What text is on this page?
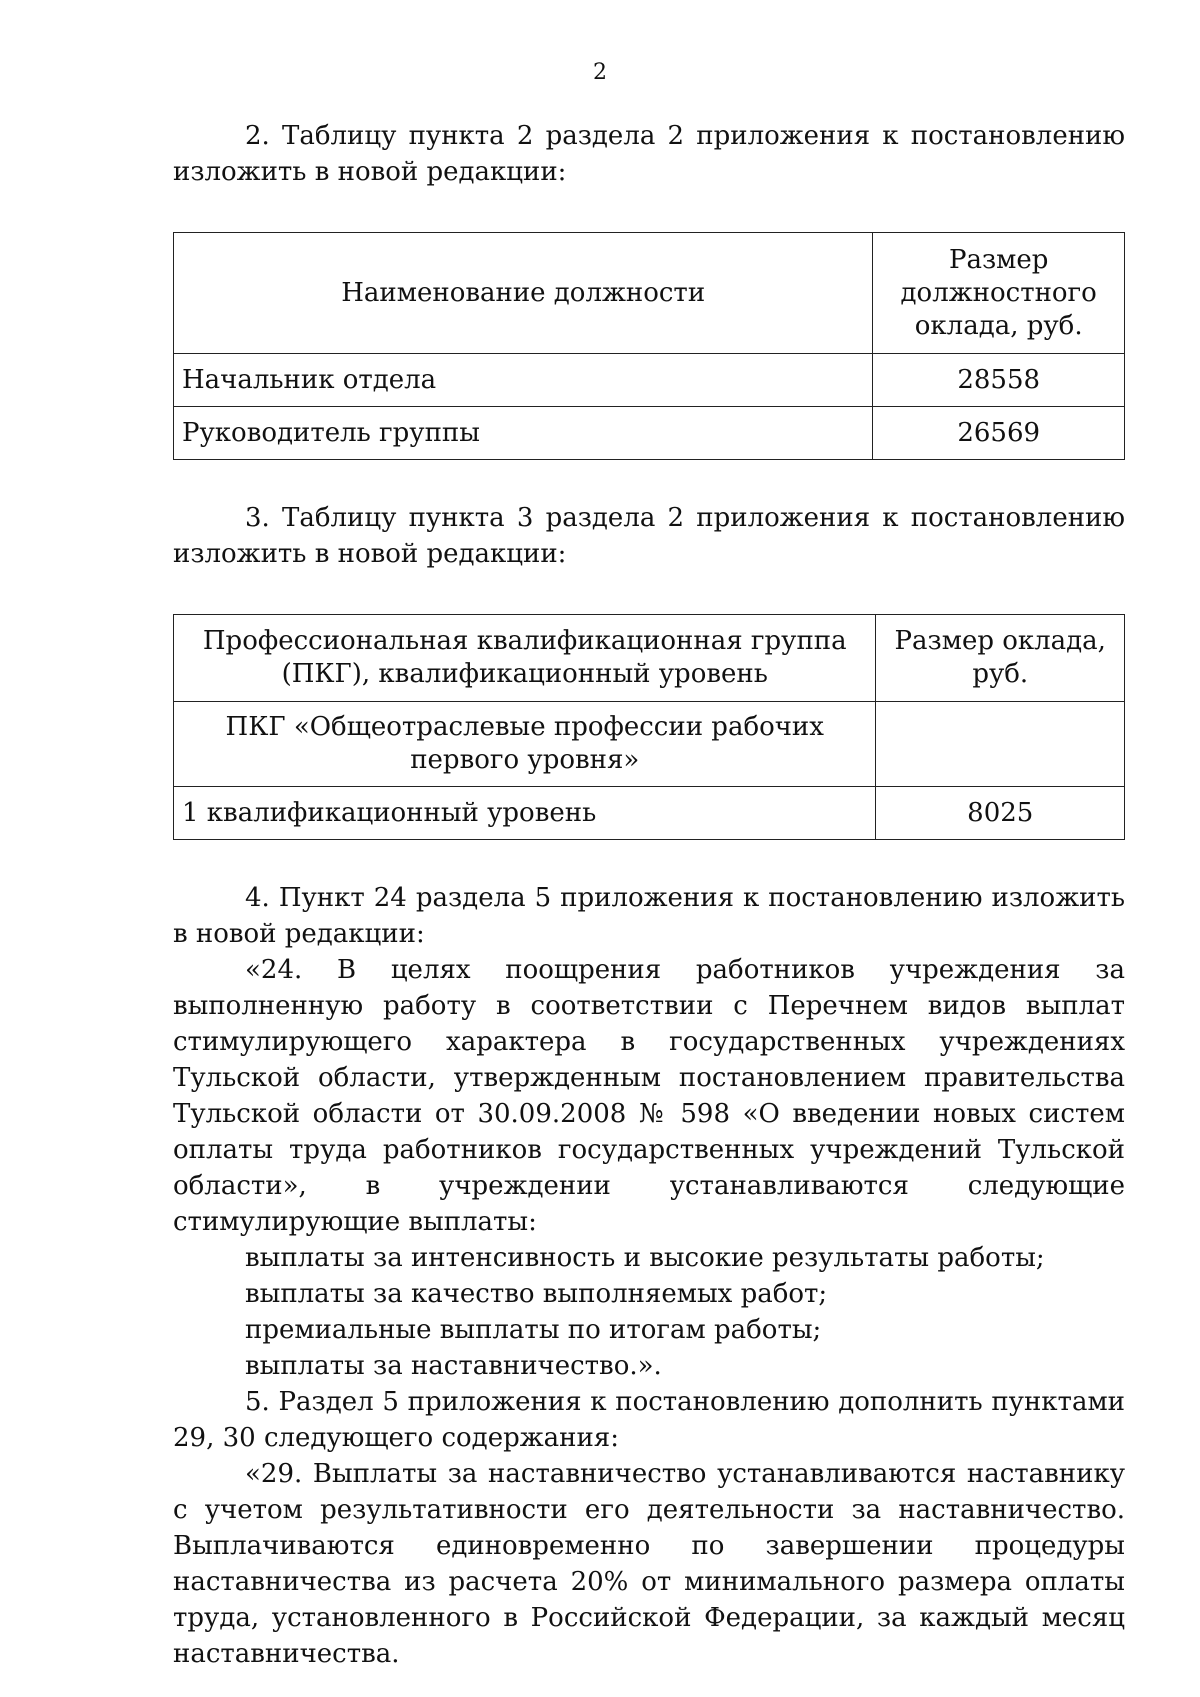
2

2. Таблицу пункта 2 раздела 2 приложения к постановлению изложить в новой редакции:

Наименование должности	Размер должностного оклада, руб.
Начальник отдела	28558
Руководитель группы	26569

3. Таблицу пункта 3 раздела 2 приложения к постановлению изложить в новой редакции:

Профессиональная квалификационная группа (ПКГ), квалификационный уровень	Размер оклада, руб.
ПКГ «Общеотраслевые профессии рабочих первого уровня»	
1 квалификационный уровень	8025

4. Пункт 24 раздела 5 приложения к постановлению изложить в новой редакции:

«24. В целях поощрения работников учреждения за выполненную работу в соответствии с Перечнем видов выплат стимулирующего характера в государственных учреждениях Тульской области, утвержденным постановлением правительства Тульской области от 30.09.2008 № 598 «О введении новых систем оплаты труда работников государственных учреждений Тульской области», в учреждении устанавливаются следующие стимулирующие выплаты:

выплаты за интенсивность и высокие результаты работы;

выплаты за качество выполняемых работ;

премиальные выплаты по итогам работы;

выплаты за наставничество.».

5. Раздел 5 приложения к постановлению дополнить пунктами 29, 30 следующего содержания:

«29. Выплаты за наставничество устанавливаются наставнику с учетом результативности его деятельности за наставничество. Выплачиваются единовременно по завершении процедуры наставничества из расчета 20% от минимального размера оплаты труда, установленного в Российской Федерации, за каждый месяц наставничества.
